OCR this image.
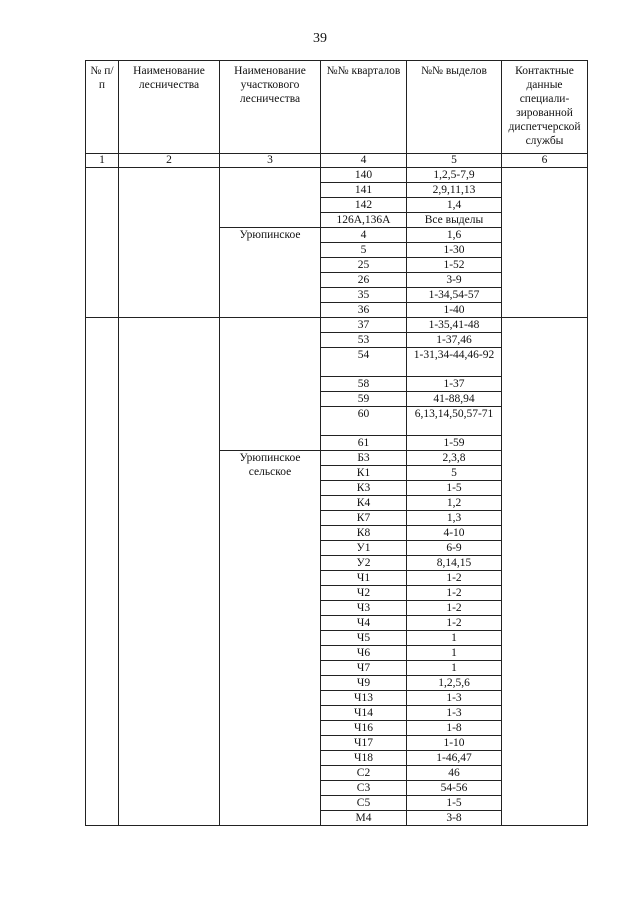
39
№ п/п	Наименование лесничества	Наименование участкового лесничества	№№ кварталов	№№ выделов	Контактные данные специали-зированной диспетчерской службы
1	2	3	4	5	6
			140	1,2,5-7,9	
			141	2,9,11,13	
			142	1,4	
			126А,136А	Все выделы	
		Урюпинское	4	1,6	
			5	1-30	
			25	1-52	
			26	3-9	
			35	1-34,54-57	
			36	1-40	
			37	1-35,41-48	
			53	1-37,46	
			54	1-31,34-44,46-92	
			58	1-37	
			59	41-88,94	
			60	6,13,14,50,57-71	
			61	1-59	
		Урюпинское сельское	Б3	2,3,8	
			К1	5	
			К3	1-5	
			К4	1,2	
			К7	1,3	
			К8	4-10	
			У1	6-9	
			У2	8,14,15	
			Ч1	1-2	
			Ч2	1-2	
			Ч3	1-2	
			Ч4	1-2	
			Ч5	1	
			Ч6	1	
			Ч7	1	
			Ч9	1,2,5,6	
			Ч13	1-3	
			Ч14	1-3	
			Ч16	1-8	
			Ч17	1-10	
			Ч18	1-46,47	
			С2	46	
			С3	54-56	
			С5	1-5	
			М4	3-8	
